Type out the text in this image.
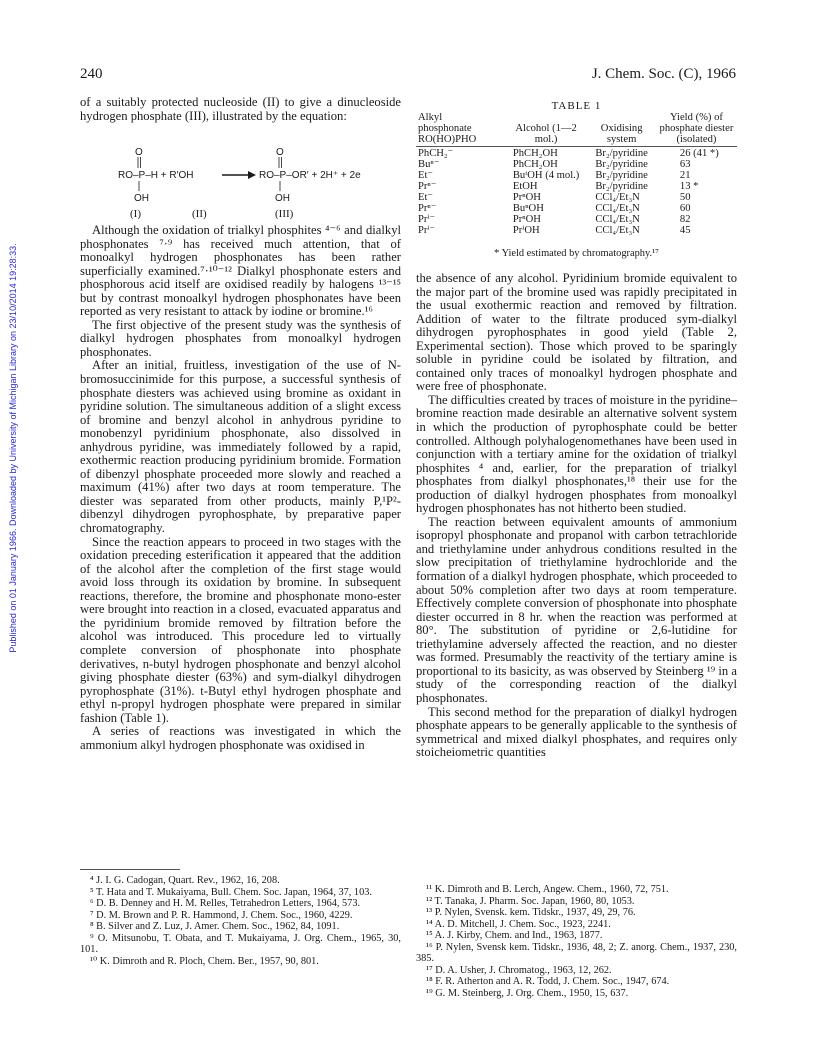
Published on 01 January 1966. Downloaded by University of Michigan Library on 23/10/2014 19:28:33.
240	J. Chem. Soc. (C), 1966

of a suitably protected nucleoside (II) to give a dinucleoside hydrogen phosphate (III), illustrated by the equation:

O
RO–P–H + R′OH
OH
O
RO–P–OR′ + 2H⁺ + 2e
OH
(I)	(II)	(III)

Although the oxidation of trialkyl phosphites ⁴⁻⁶ and dialkyl phosphonates ⁷·⁹ has received much attention, that of monoalkyl hydrogen phosphonates has been rather superficially examined.⁷·¹⁰⁻¹² Dialkyl phosphonate esters and phosphorous acid itself are oxidised readily by halogens ¹³⁻¹⁵ but by contrast monoalkyl hydrogen phosphonates have been reported as very resistant to attack by iodine or bromine.¹⁶

The first objective of the present study was the synthesis of dialkyl hydrogen phosphates from monoalkyl hydrogen phosphonates.

After an initial, fruitless, investigation of the use of N-bromosuccinimide for this purpose, a successful synthesis of phosphate diesters was achieved using bromine as oxidant in pyridine solution. The simultaneous addition of a slight excess of bromine and benzyl alcohol in anhydrous pyridine to monobenzyl pyridinium phosphonate, also dissolved in anhydrous pyridine, was immediately followed by a rapid, exothermic reaction producing pyridinium bromide. Formation of dibenzyl phosphate proceeded more slowly and reached a maximum (41%) after two days at room temperature. The diester was separated from other products, mainly P,¹P²-dibenzyl dihydrogen pyrophosphate, by preparative paper chromatography.

Since the reaction appears to proceed in two stages with the oxidation preceding esterification it appeared that the addition of the alcohol after the completion of the first stage would avoid loss through its oxidation by bromine. In subsequent reactions, therefore, the bromine and phosphonate mono-ester were brought into reaction in a closed, evacuated apparatus and the pyridinium bromide removed by filtration before the alcohol was introduced. This procedure led to virtually complete conversion of phosphonate into phosphate derivatives, n-butyl hydrogen phosphonate and benzyl alcohol giving phosphate diester (63%) and sym-dialkyl dihydrogen pyrophosphate (31%). t-Butyl ethyl hydrogen phosphate and ethyl n-propyl hydrogen phosphate were prepared in similar fashion (Table 1).

A series of reactions was investigated in which the ammonium alkyl hydrogen phosphonate was oxidised in

TABLE 1
Alkyl phosphonate RO(HO)PHO	Alcohol (1—2 mol.)	Oxidising system	Yield (%) of phosphate diester (isolated)
PhCH₂⁻	PhCH₂OH	Br₂/pyridine	26 (41 *)
Buⁿ⁻	PhCH₂OH	Br₂/pyridine	63
Et⁻	BuᵗOH (4 mol.)	Br₂/pyridine	21
Prⁿ⁻	EtOH	Br₂/pyridine	13 *
Et⁻	PrⁿOH	CCl₄/Et₃N	50
Prⁿ⁻	BuⁿOH	CCl₄/Et₃N	60
Prⁱ⁻	PrⁿOH	CCl₄/Et₃N	82
Prⁱ⁻	PrⁱOH	CCl₄/Et₃N	45
* Yield estimated by chromatography.¹⁷

the absence of any alcohol. Pyridinium bromide equivalent to the major part of the bromine used was rapidly precipitated in the usual exothermic reaction and removed by filtration. Addition of water to the filtrate produced sym-dialkyl dihydrogen pyrophosphates in good yield (Table 2, Experimental section). Those which proved to be sparingly soluble in pyridine could be isolated by filtration, and contained only traces of monoalkyl hydrogen phosphate and were free of phosphonate.

The difficulties created by traces of moisture in the pyridine–bromine reaction made desirable an alternative solvent system in which the production of pyrophosphate could be better controlled. Although polyhalogenomethanes have been used in conjunction with a tertiary amine for the oxidation of trialkyl phosphites ⁴ and, earlier, for the preparation of trialkyl phosphates from dialkyl phosphonates,¹⁸ their use for the production of dialkyl hydrogen phosphates from monoalkyl hydrogen phosphonates has not hitherto been studied.

The reaction between equivalent amounts of ammonium isopropyl phosphonate and propanol with carbon tetrachloride and triethylamine under anhydrous conditions resulted in the slow precipitation of triethylamine hydrochloride and the formation of a dialkyl hydrogen phosphate, which proceeded to about 50% completion after two days at room temperature. Effectively complete conversion of phosphonate into phosphate diester occurred in 8 hr. when the reaction was performed at 80°. The substitution of pyridine or 2,6-lutidine for triethylamine adversely affected the reaction, and no diester was formed. Presumably the reactivity of the tertiary amine is proportional to its basicity, as was observed by Steinberg ¹⁹ in a study of the corresponding reaction of the dialkyl phosphonates.

This second method for the preparation of dialkyl hydrogen phosphate appears to be generally applicable to the synthesis of symmetrical and mixed dialkyl phosphates, and requires only stoicheiometric quantities

⁴ J. I. G. Cadogan, Quart. Rev., 1962, 16, 208.

⁵ T. Hata and T. Mukaiyama, Bull. Chem. Soc. Japan, 1964, 37, 103.

⁶ D. B. Denney and H. M. Relles, Tetrahedron Letters, 1964, 573.

⁷ D. M. Brown and P. R. Hammond, J. Chem. Soc., 1960, 4229.

⁸ B. Silver and Z. Luz, J. Amer. Chem. Soc., 1962, 84, 1091.

⁹ O. Mitsunobu, T. Obata, and T. Mukaiyama, J. Org. Chem., 1965, 30, 101.

¹⁰ K. Dimroth and R. Ploch, Chem. Ber., 1957, 90, 801.

¹¹ K. Dimroth and B. Lerch, Angew. Chem., 1960, 72, 751.

¹² T. Tanaka, J. Pharm. Soc. Japan, 1960, 80, 1053.

¹³ P. Nylen, Svensk. kem. Tidskr., 1937, 49, 29, 76.

¹⁴ A. D. Mitchell, J. Chem. Soc., 1923, 2241.

¹⁵ A. J. Kirby, Chem. and Ind., 1963, 1877.

¹⁶ P. Nylen, Svensk kem. Tidskr., 1936, 48, 2; Z. anorg. Chem., 1937, 230, 385.

¹⁷ D. A. Usher, J. Chromatog., 1963, 12, 262.

¹⁸ F. R. Atherton and A. R. Todd, J. Chem. Soc., 1947, 674.

¹⁹ G. M. Steinberg, J. Org. Chem., 1950, 15, 637.
